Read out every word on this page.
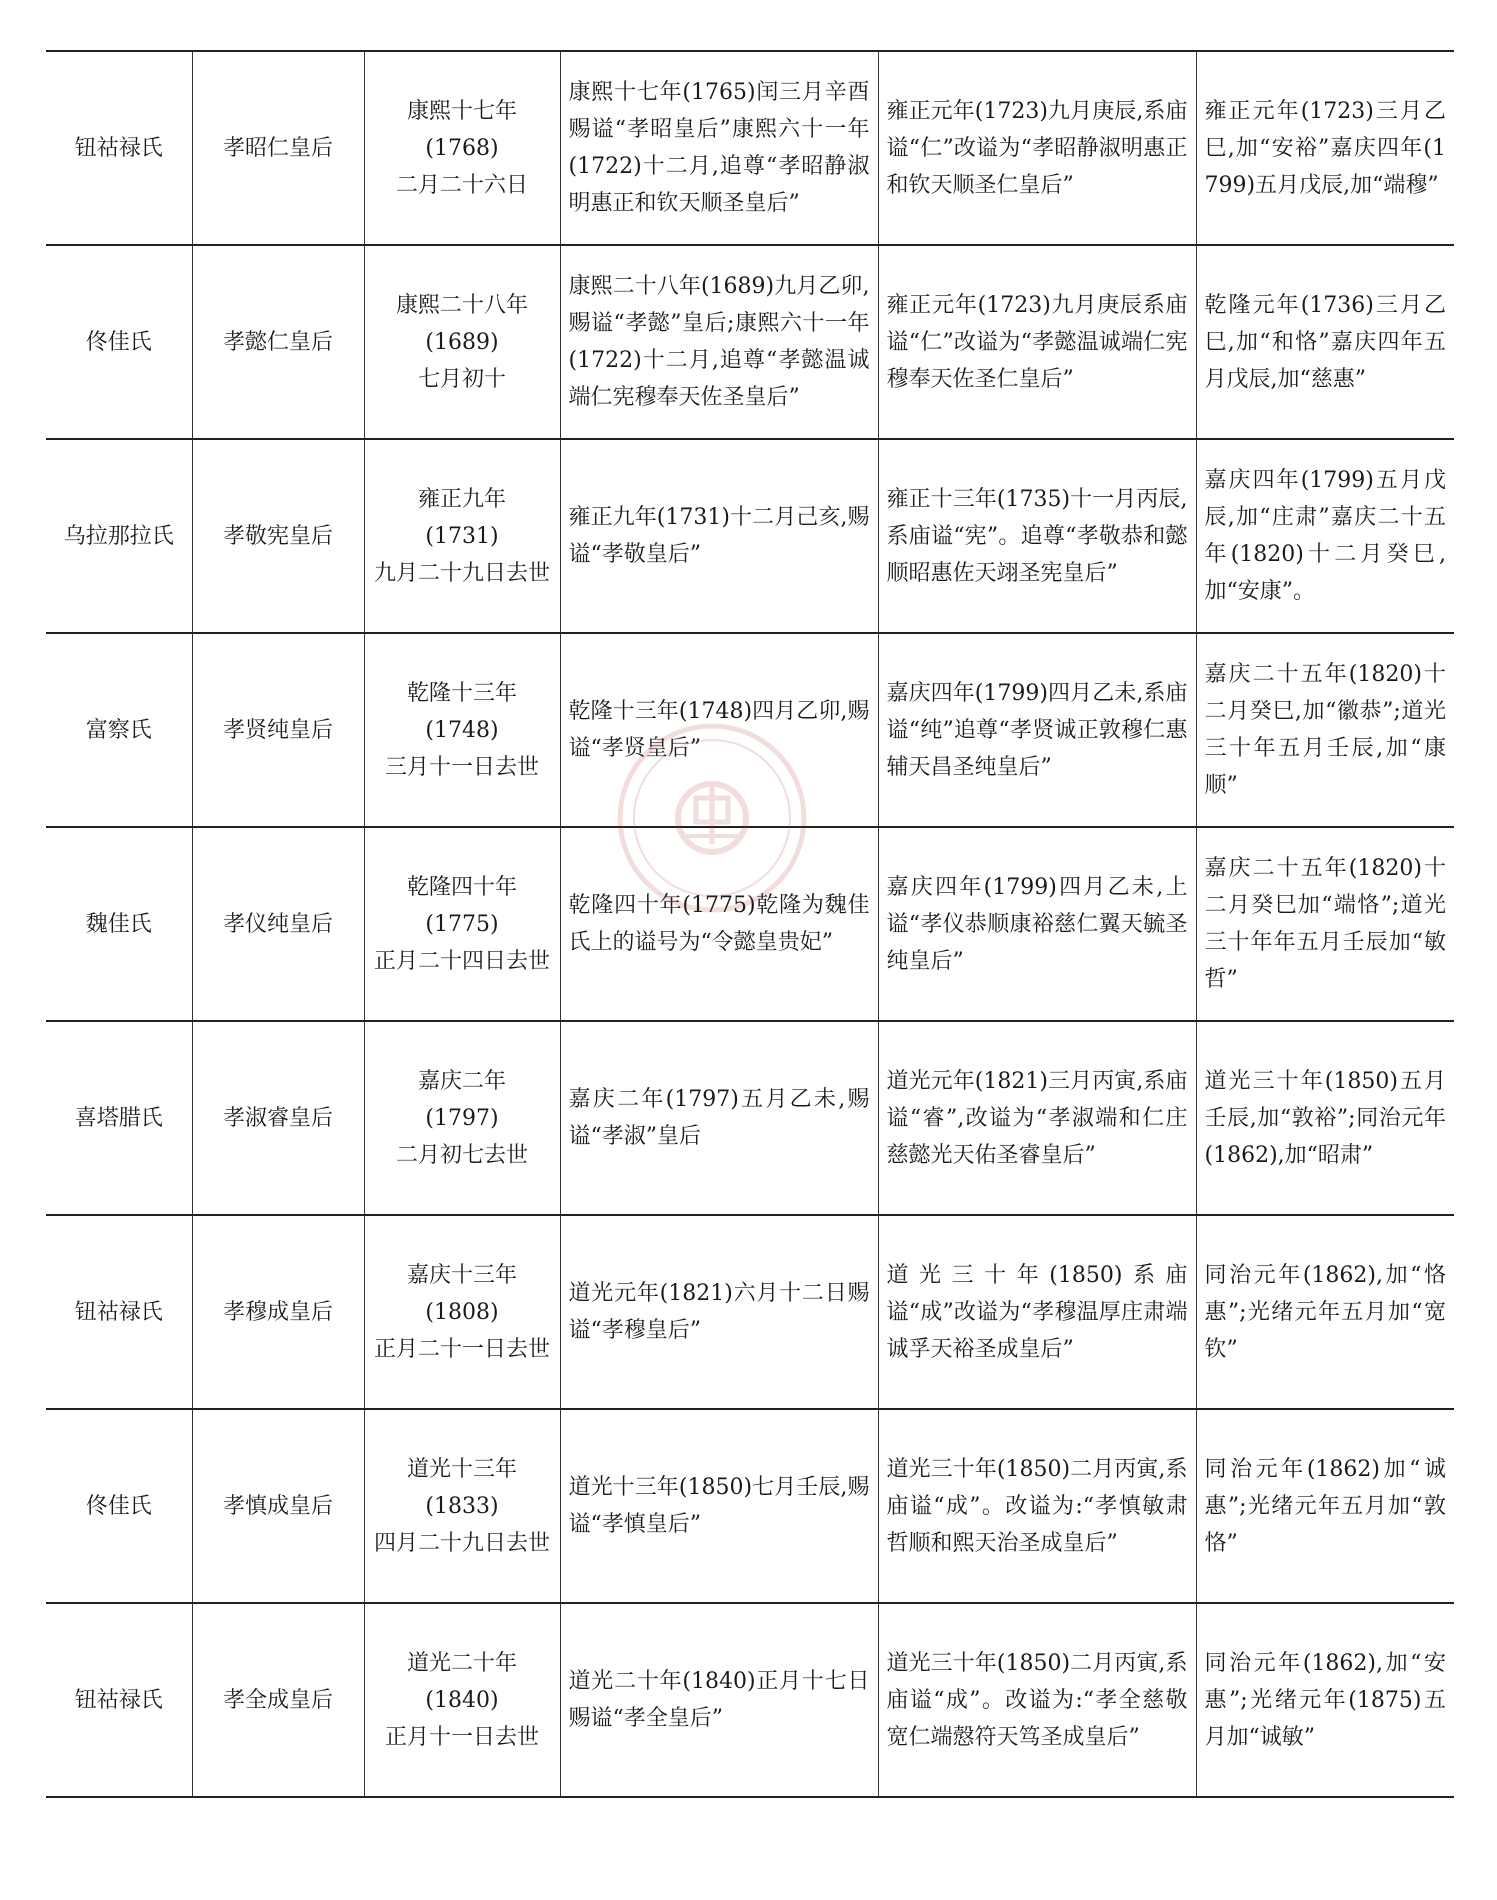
钮祜禄氏	孝昭仁皇后	康熙十七年
(1768)
二月二十六日	康熙十七年(1765)闰三月辛酉赐谥“孝昭皇后”康熙六十一年(1722)十二月,追尊“孝昭静淑明惠正和钦天顺圣皇后”	雍正元年(1723)九月庚辰,系庙谥“仁”改谥为“孝昭静淑明惠正和钦天顺圣仁皇后”	雍正元年(1723)三月乙巳,加“安裕”嘉庆四年(1799)五月戊辰,加“端穆”

佟佳氏	孝懿仁皇后	康熙二十八年
(1689)
七月初十	康熙二十八年(1689)九月乙卯,赐谥“孝懿”皇后;康熙六十一年(1722)十二月,追尊“孝懿温诚端仁宪穆奉天佐圣皇后”	雍正元年(1723)九月庚辰系庙谥“仁”改谥为“孝懿温诚端仁宪穆奉天佐圣仁皇后”	乾隆元年(1736)三月乙巳,加“和恪”嘉庆四年五月戊辰,加“慈惠”

乌拉那拉氏	孝敬宪皇后	雍正九年
(1731)
九月二十九日去世	雍正九年(1731)十二月己亥,赐谥“孝敬皇后”	雍正十三年(1735)十一月丙辰,系庙谥“宪”。追尊“孝敬恭和懿顺昭惠佐天翊圣宪皇后”	嘉庆四年(1799)五月戊辰,加“庄肃”嘉庆二十五年(1820)十二月癸巳,加“安康”。

富察氏	孝贤纯皇后	乾隆十三年
(1748)
三月十一日去世	乾隆十三年(1748)四月乙卯,赐谥“孝贤皇后”	嘉庆四年(1799)四月乙未,系庙谥“纯”追尊“孝贤诚正敦穆仁惠辅天昌圣纯皇后”	嘉庆二十五年(1820)十二月癸巳,加“徽恭”;道光三十年五月壬辰,加“康顺”

魏佳氏	孝仪纯皇后	乾隆四十年
(1775)
正月二十四日去世	乾隆四十年(1775)乾隆为魏佳氏上的谥号为“令懿皇贵妃”	嘉庆四年(1799)四月乙未,上谥“孝仪恭顺康裕慈仁翼天毓圣纯皇后”	嘉庆二十五年(1820)十二月癸巳加“端恪”;道光三十年年五月壬辰加“敏哲”

喜塔腊氏	孝淑睿皇后	嘉庆二年
(1797)
二月初七去世	嘉庆二年(1797)五月乙未,赐谥“孝淑”皇后	道光元年(1821)三月丙寅,系庙谥“睿”,改谥为“孝淑端和仁庄慈懿光天佑圣睿皇后”	道光三十年(1850)五月壬辰,加“敦裕”;同治元年(1862),加“昭肃”

钮祜禄氏	孝穆成皇后	嘉庆十三年
(1808)
正月二十一日去世	道光元年(1821)六月十二日赐谥“孝穆皇后”	道光三十年(1850)系庙谥“成”改谥为“孝穆温厚庄肃端诚孚天裕圣成皇后”	同治元年(1862),加“恪惠”;光绪元年五月加“宽钦”

佟佳氏	孝慎成皇后	道光十三年
(1833)
四月二十九日去世	道光十三年(1850)七月壬辰,赐谥“孝慎皇后”	道光三十年(1850)二月丙寅,系庙谥“成”。改谥为:“孝慎敏肃哲顺和熙天治圣成皇后”	同治元年(1862)加“诚惠”;光绪元年五月加“敦恪”

钮祜禄氏	孝全成皇后	道光二十年
(1840)
正月十一日去世	道光二十年(1840)正月十七日赐谥“孝全皇后”	道光三十年(1850)二月丙寅,系庙谥“成”。改谥为:“孝全慈敬宽仁端慤符天笃圣成皇后”	同治元年(1862),加“安惠”;光绪元年(1875)五月加“诚敏”
